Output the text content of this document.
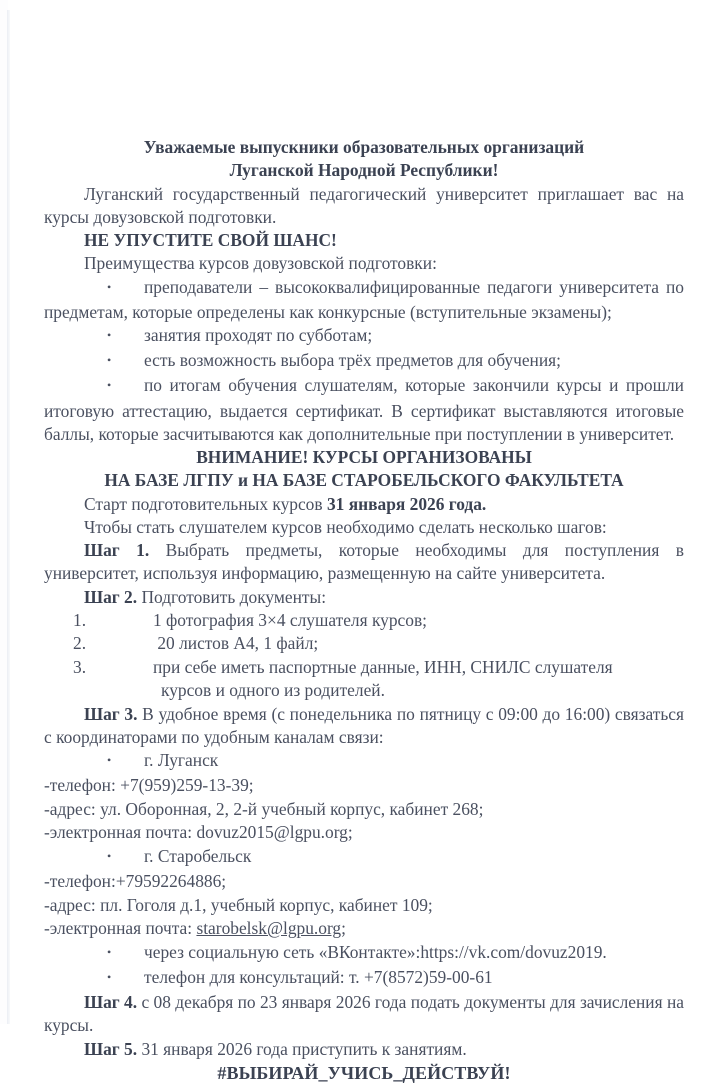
Уважаемые выпускники образовательных организаций
Луганской Народной Республики!

Луганский государственный педагогический университет приглашает вас на курсы довузовской подготовки.

НЕ УПУСТИТЕ СВОЙ ШАНС!

Преимущества курсов довузовской подготовки:

•преподаватели – высококвалифицированные педагоги университета по предметам, которые определены как конкурсные (вступительные экзамены);

•занятия проходят по субботам;

•есть возможность выбора трёх предметов для обучения;

•по итогам обучения слушателям, которые закончили курсы и прошли итоговую аттестацию, выдается сертификат. В сертификат выставляются итоговые баллы, которые засчитываются как дополнительные при поступлении в университет.

ВНИМАНИЕ! КУРСЫ ОРГАНИЗОВАНЫ
НА БАЗЕ ЛГПУ и НА БАЗЕ СТАРОБЕЛЬСКОГО ФАКУЛЬТЕТА

Старт подготовительных курсов 31 января 2026 года.

Чтобы стать слушателем курсов необходимо сделать несколько шагов:

Шаг 1. Выбрать предметы, которые необходимы для поступления в университет, используя информацию, размещенную на сайте университета.

Шаг 2. Подготовить документы:

1.	1 фотография 3×4 слушателя курсов;
2.	20 листов А4, 1 файл;
3.	при себе иметь паспортные данные, ИНН, СНИЛС слушателя
курсов и одного из родителей.

Шаг 3. В удобное время (с понедельника по пятницу с 09:00 до 16:00) связаться с координаторами по удобным каналам связи:

•г. Луганск

-телефон: +7(959)259-13-39;

-адрес: ул. Оборонная, 2, 2-й учебный корпус, кабинет 268;

-электронная почта: dovuz2015@lgpu.org;

•г. Старобельск

-телефон:+79592264886;

-адрес: пл. Гоголя д.1, учебный корпус, кабинет 109;

-электронная почта: starobelsk@lgpu.org;

•через социальную сеть «ВКонтакте»:https://vk.com/dovuz2019.

•телефон для консультаций: т. +7(8572)59-00-61

Шаг 4. с 08 декабря по 23 января 2026 года подать документы для зачисления на курсы.

Шаг 5. 31 января 2026 года приступить к занятиям.

#ВЫБИРАЙ_УЧИСЬ_ДЕЙСТВУЙ!
